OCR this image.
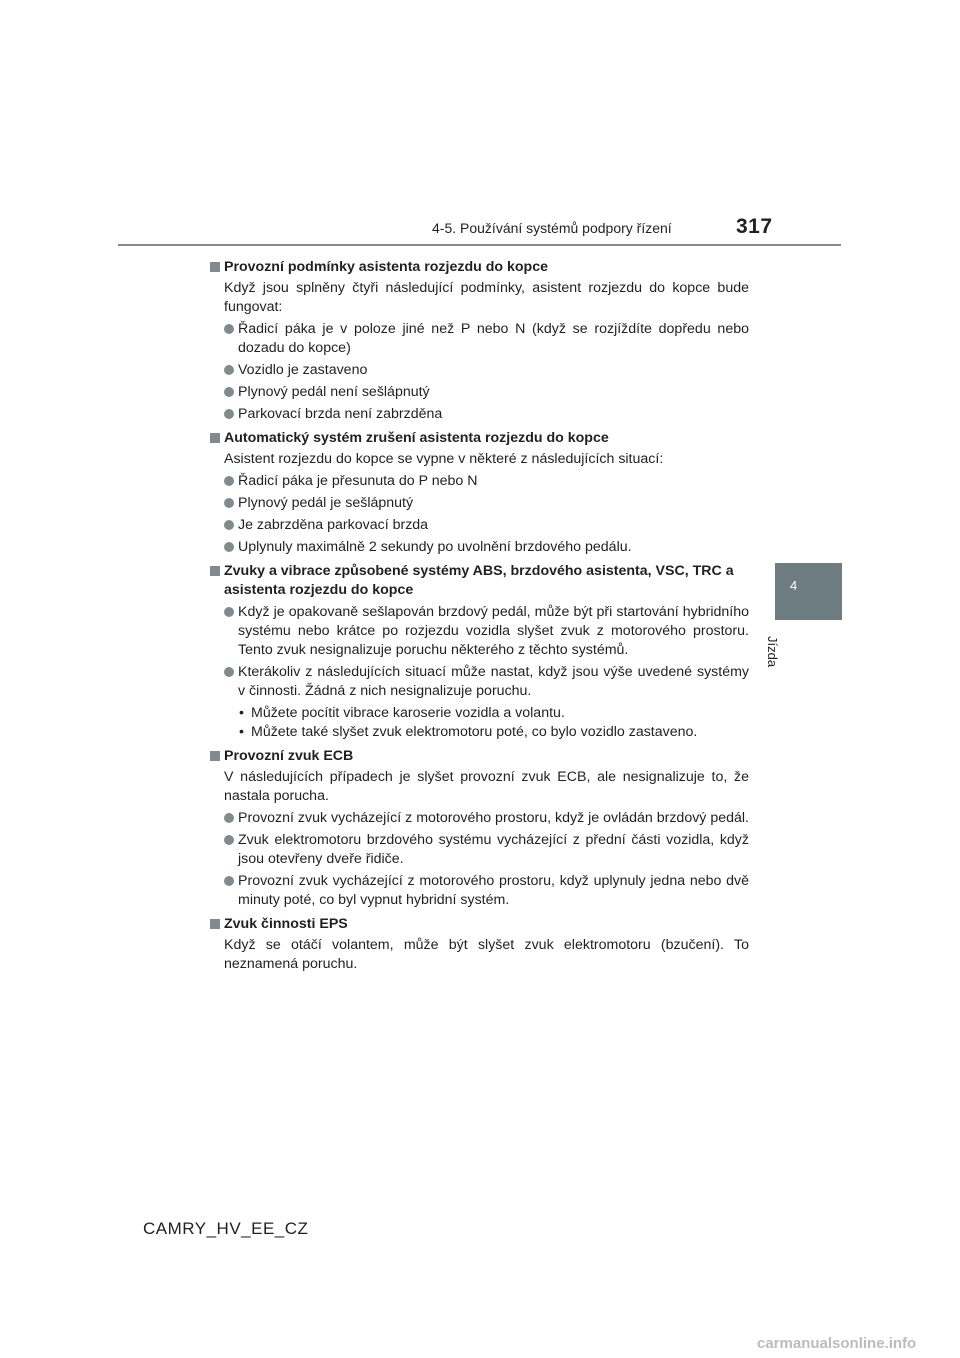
4-5. Používání systémů podpory řízení	317
4
Jízda
Provozní podmínky asistenta rozjezdu do kopce
Když jsou splněny čtyři následující podmínky, asistent rozjezdu do kopce bude fungovat:
Řadicí páka je v poloze jiné než P nebo N (když se rozjíždíte dopředu nebo dozadu do kopce)
Vozidlo je zastaveno
Plynový pedál není sešlápnutý
Parkovací brzda není zabrzděna
Automatický systém zrušení asistenta rozjezdu do kopce
Asistent rozjezdu do kopce se vypne v některé z následujících situací:
Řadicí páka je přesunuta do P nebo N
Plynový pedál je sešlápnutý
Je zabrzděna parkovací brzda
Uplynuly maximálně 2 sekundy po uvolnění brzdového pedálu.
Zvuky a vibrace způsobené systémy ABS, brzdového asistenta, VSC, TRC a asistenta rozjezdu do kopce
Když je opakovaně sešlapován brzdový pedál, může být při startování hybridního systému nebo krátce po rozjezdu vozidla slyšet zvuk z motorového prostoru. Tento zvuk nesignalizuje poruchu některého z těchto systémů.
Kterákoliv z následujících situací může nastat, když jsou výše uvedené systémy v činnosti. Žádná z nich nesignalizuje poruchu.
• Můžete pocítit vibrace karoserie vozidla a volantu.
• Můžete také slyšet zvuk elektromotoru poté, co bylo vozidlo zastaveno.
Provozní zvuk ECB
V následujících případech je slyšet provozní zvuk ECB, ale nesignalizuje to, že nastala porucha.
Provozní zvuk vycházející z motorového prostoru, když je ovládán brzdový pedál.
Zvuk elektromotoru brzdového systému vycházející z přední části vozidla, když jsou otevřeny dveře řidiče.
Provozní zvuk vycházející z motorového prostoru, když uplynuly jedna nebo dvě minuty poté, co byl vypnut hybridní systém.
Zvuk činnosti EPS
Když se otáčí volantem, může být slyšet zvuk elektromotoru (bzučení). To neznamená poruchu.
CAMRY_HV_EE_CZ
carmanualsonline.info
